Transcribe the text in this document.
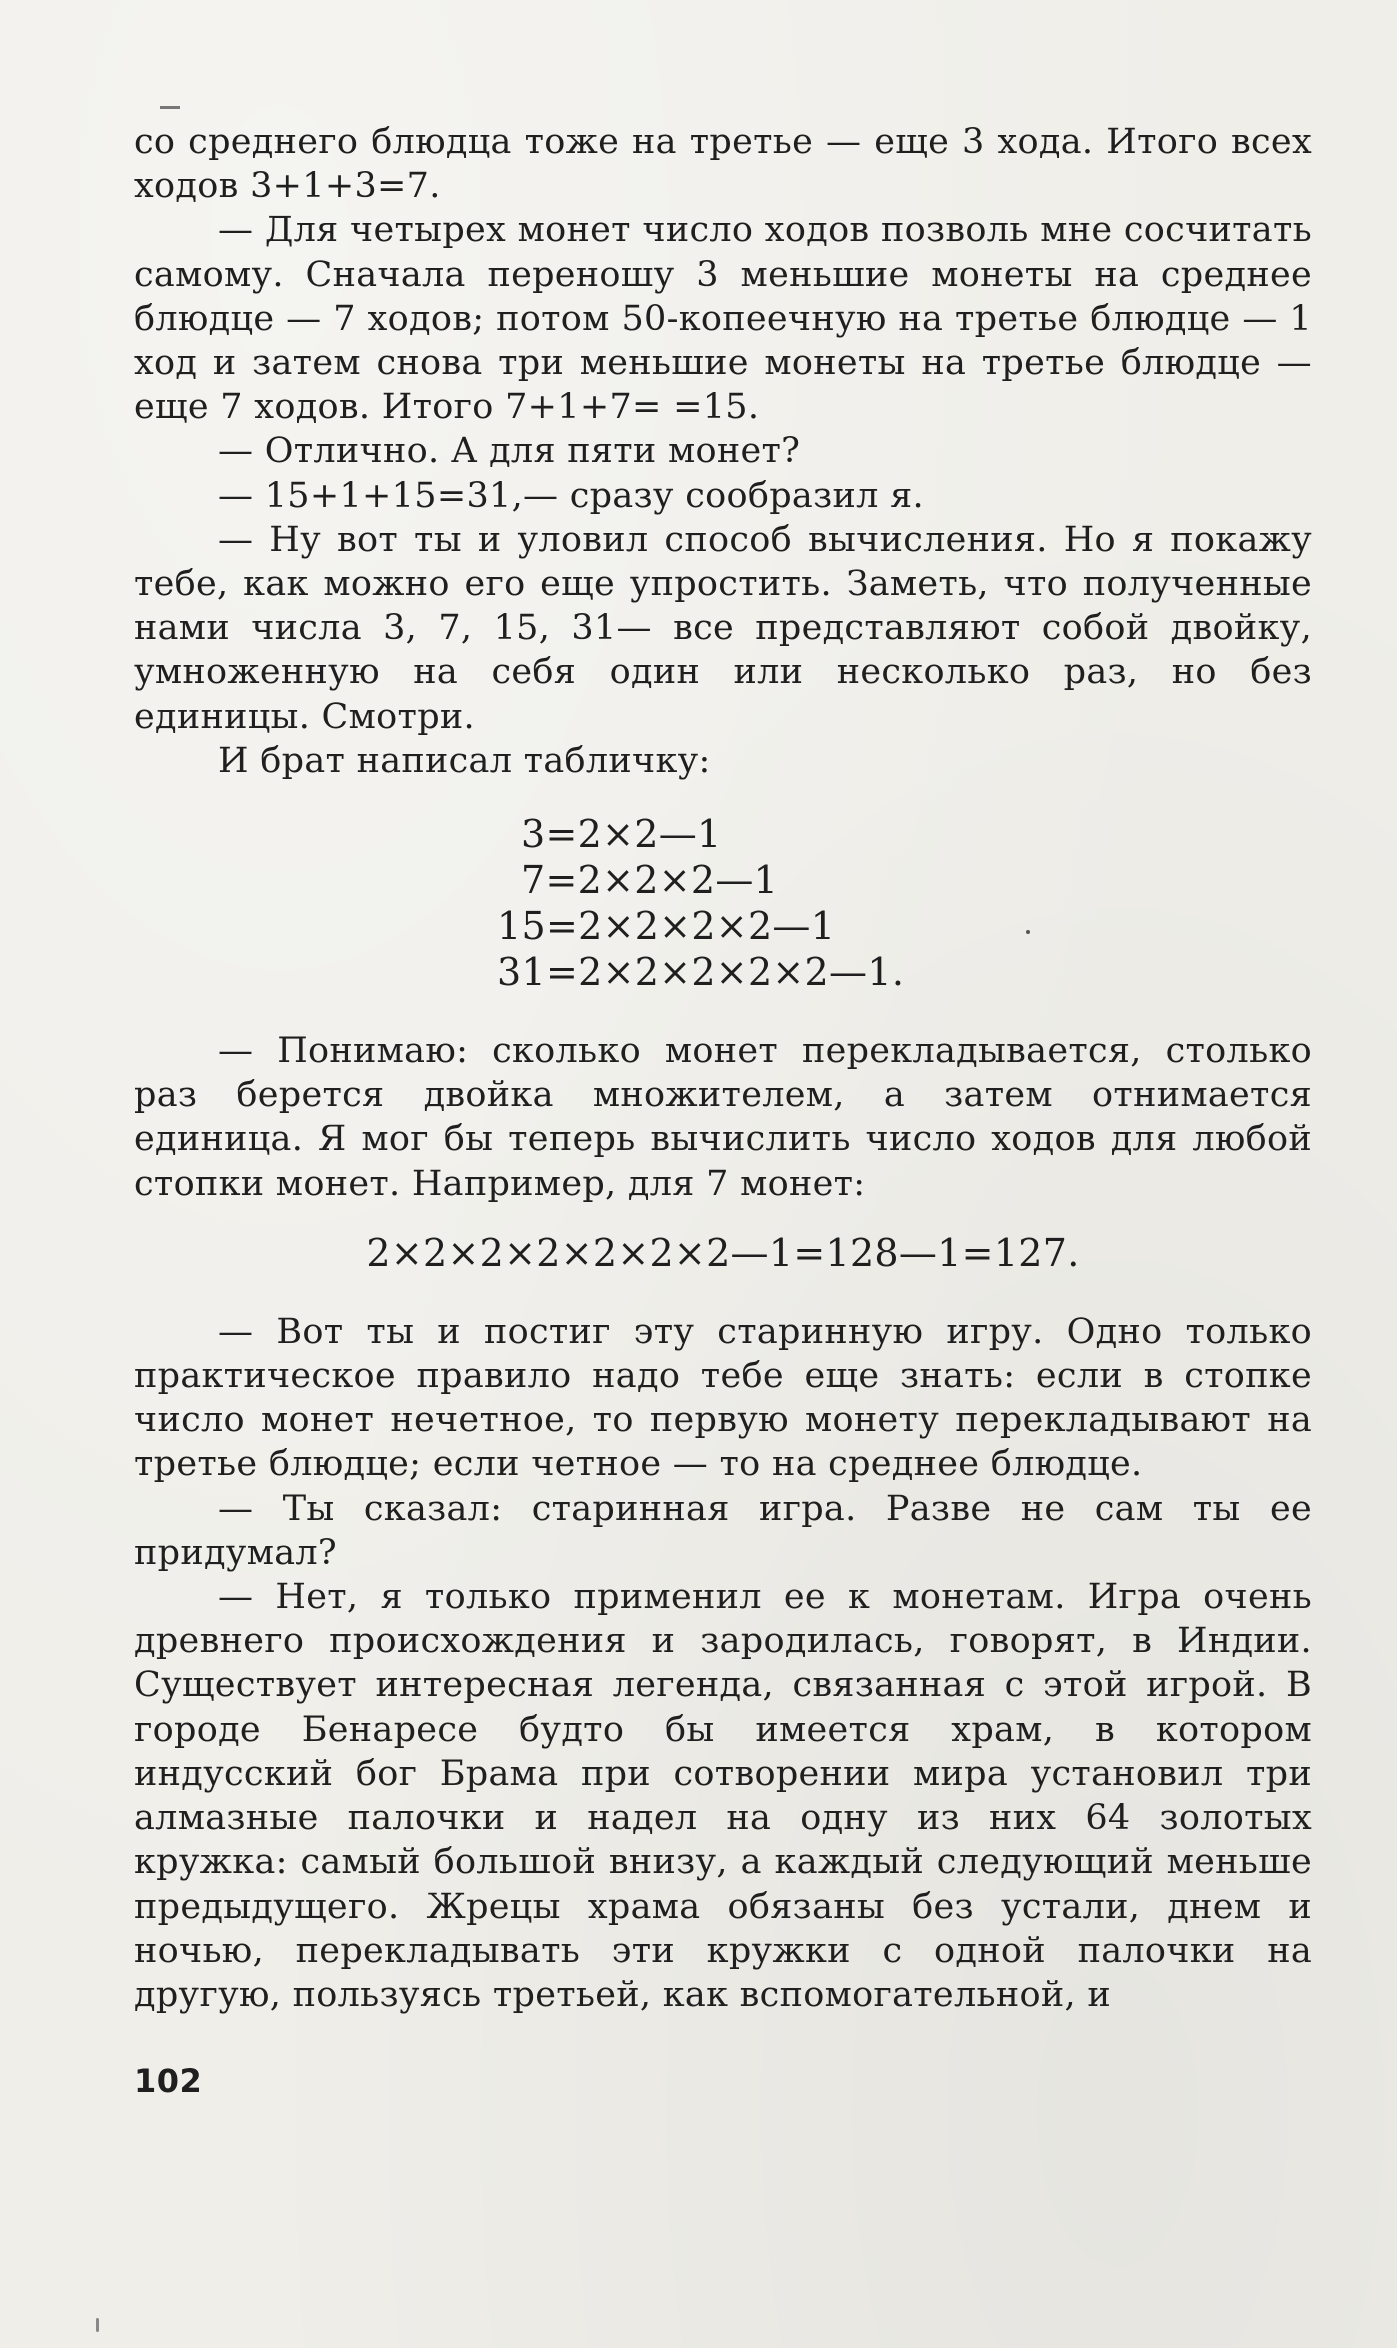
со среднего блюдца тоже на третье — еще 3 хода. Итого всех ходов 3+1+3=7.

— Для четырех монет число ходов позволь мне сосчитать самому. Сначала переношу 3 меньшие монеты на среднее блюдце — 7 ходов; потом 50-копеечную на третье блюдце — 1 ход и затем снова три меньшие монеты на третье блюдце — еще 7 ходов. Итого 7+1+7= =15.

— Отлично. А для пяти монет?

— 15+1+15=31,— сразу сообразил я.

— Ну вот ты и уловил способ вычисления. Но я покажу тебе, как можно его еще упростить. Заметь, что полученные нами числа 3, 7, 15, 31— все представляют собой двойку, умноженную на себя один или несколько раз, но без единицы. Смотри.

И брат написал табличку:

3=2×2—1
7=2×2×2—1
15=2×2×2×2—1
31=2×2×2×2×2—1.

— Понимаю: сколько монет перекладывается, столько раз берется двойка множителем, а затем отнимается единица. Я мог бы теперь вычислить число ходов для любой стопки монет. Например, для 7 монет:

2×2×2×2×2×2×2—1=128—1=127.

— Вот ты и постиг эту старинную игру. Одно только практическое правило надо тебе еще знать: если в стопке число монет нечетное, то первую монету перекладывают на третье блюдце; если четное — то на среднее блюдце.

— Ты сказал: старинная игра. Разве не сам ты ее придумал?

— Нет, я только применил ее к монетам. Игра очень древнего происхождения и зародилась, говорят, в Индии. Существует интересная легенда, связанная с этой игрой. В городе Бенаресе будто бы имеется храм, в котором индусский бог Брама при сотворении мира установил три алмазные палочки и надел на одну из них 64 золотых кружка: самый большой внизу, а каждый следующий меньше предыдущего. Жрецы храма обязаны без устали, днем и ночью, перекладывать эти кружки с одной палочки на другую, пользуясь третьей, как вспомогательной, и

102
